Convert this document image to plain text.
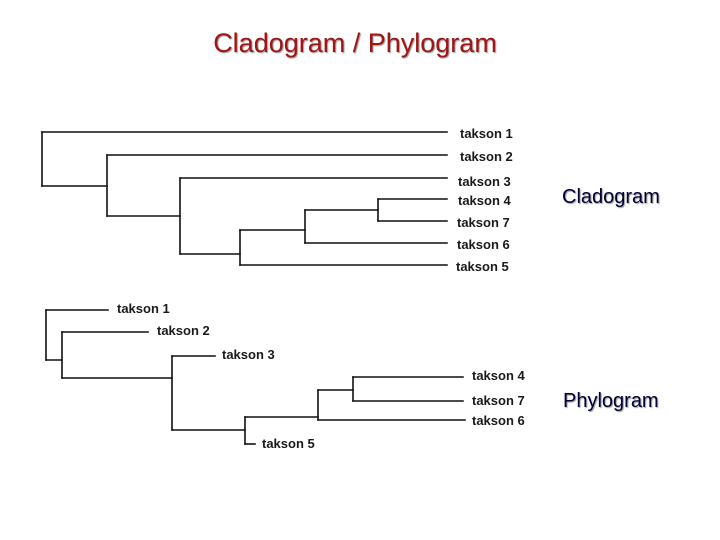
Cladogram / Phylogram
takson 1
takson 2
takson 3
takson 4
takson 7
takson 6
takson 5
takson 1
takson 2
takson 3
takson 4
takson 7
takson 6
takson 5
Cladogram
Phylogram
